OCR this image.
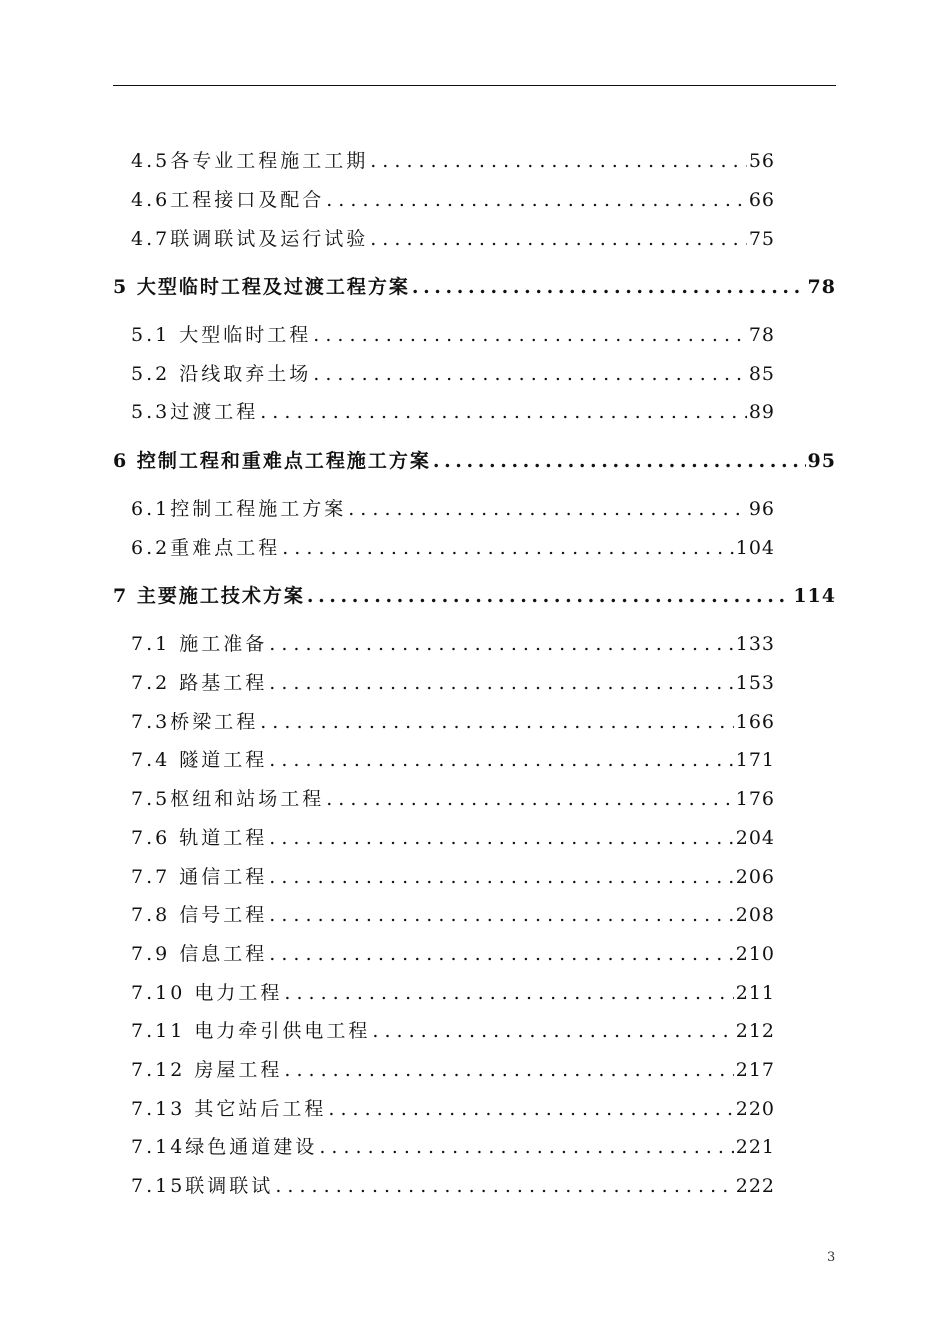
4.5各专业工程施工工期 . . .	56
4.6工程接口及配合 . . .	66
4.7联调联试及运行试验 . . .	75
5 大型临时工程及过渡工程方案 . . .	78
5.1 大型临时工程 . . .	78
5.2 沿线取弃土场 . . .	85
5.3过渡工程 . . .	89
6 控制工程和重难点工程施工方案 . . .	95
6.1控制工程施工方案 . . .	96
6.2重难点工程 . . .	104
7 主要施工技术方案 . . .	114
7.1 施工准备 . . .	133
7.2 路基工程 . . .	153
7.3桥梁工程 . . .	166
7.4 隧道工程 . . .	171
7.5枢纽和站场工程 . . .	176
7.6 轨道工程 . . .	204
7.7 通信工程 . . .	206
7.8 信号工程 . . .	208
7.9 信息工程 . . .	210
7.10 电力工程 . . .	211
7.11 电力牵引供电工程 . . .	212
7.12 房屋工程 . . .	217
7.13 其它站后工程 . . .	220
7.14绿色通道建设 . . .	221
7.15联调联试 . . .	222
3
